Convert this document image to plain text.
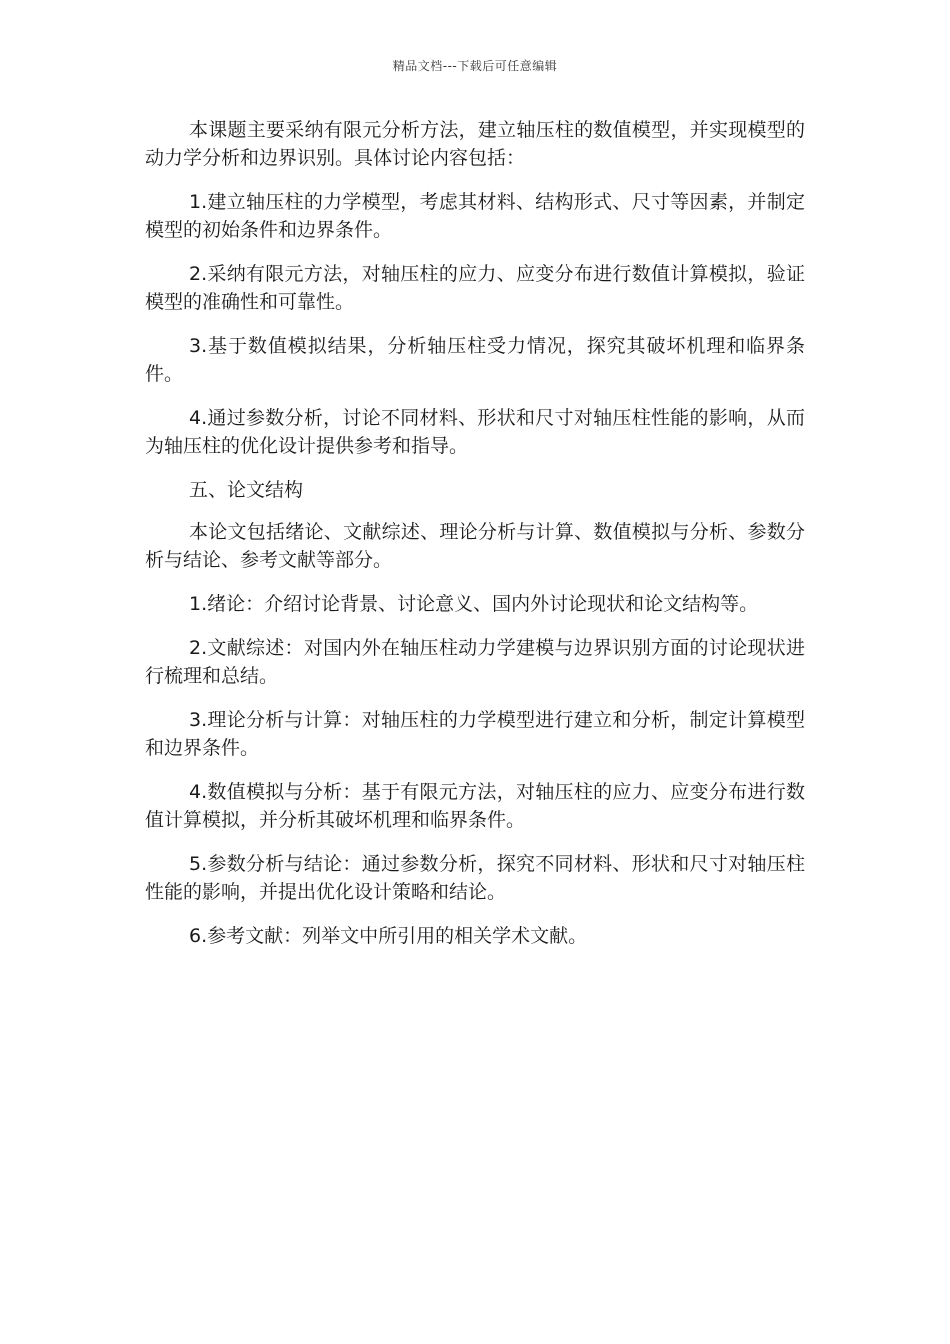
精品文档---下载后可任意编辑

本课题主要采纳有限元分析方法，建立轴压柱的数值模型，并实现模型的动力学分析和边界识别。具体讨论内容包括：

1.建立轴压柱的力学模型，考虑其材料、结构形式、尺寸等因素，并制定模型的初始条件和边界条件。

2.采纳有限元方法，对轴压柱的应力、应变分布进行数值计算模拟，验证模型的准确性和可靠性。

3.基于数值模拟结果，分析轴压柱受力情况，探究其破坏机理和临界条件。

4.通过参数分析，讨论不同材料、形状和尺寸对轴压柱性能的影响，从而为轴压柱的优化设计提供参考和指导。

五、论文结构

本论文包括绪论、文献综述、理论分析与计算、数值模拟与分析、参数分析与结论、参考文献等部分。

1.绪论：介绍讨论背景、讨论意义、国内外讨论现状和论文结构等。

2.文献综述：对国内外在轴压柱动力学建模与边界识别方面的讨论现状进行梳理和总结。

3.理论分析与计算：对轴压柱的力学模型进行建立和分析，制定计算模型和边界条件。

4.数值模拟与分析：基于有限元方法，对轴压柱的应力、应变分布进行数值计算模拟，并分析其破坏机理和临界条件。

5.参数分析与结论：通过参数分析，探究不同材料、形状和尺寸对轴压柱性能的影响，并提出优化设计策略和结论。

6.参考文献：列举文中所引用的相关学术文献。
